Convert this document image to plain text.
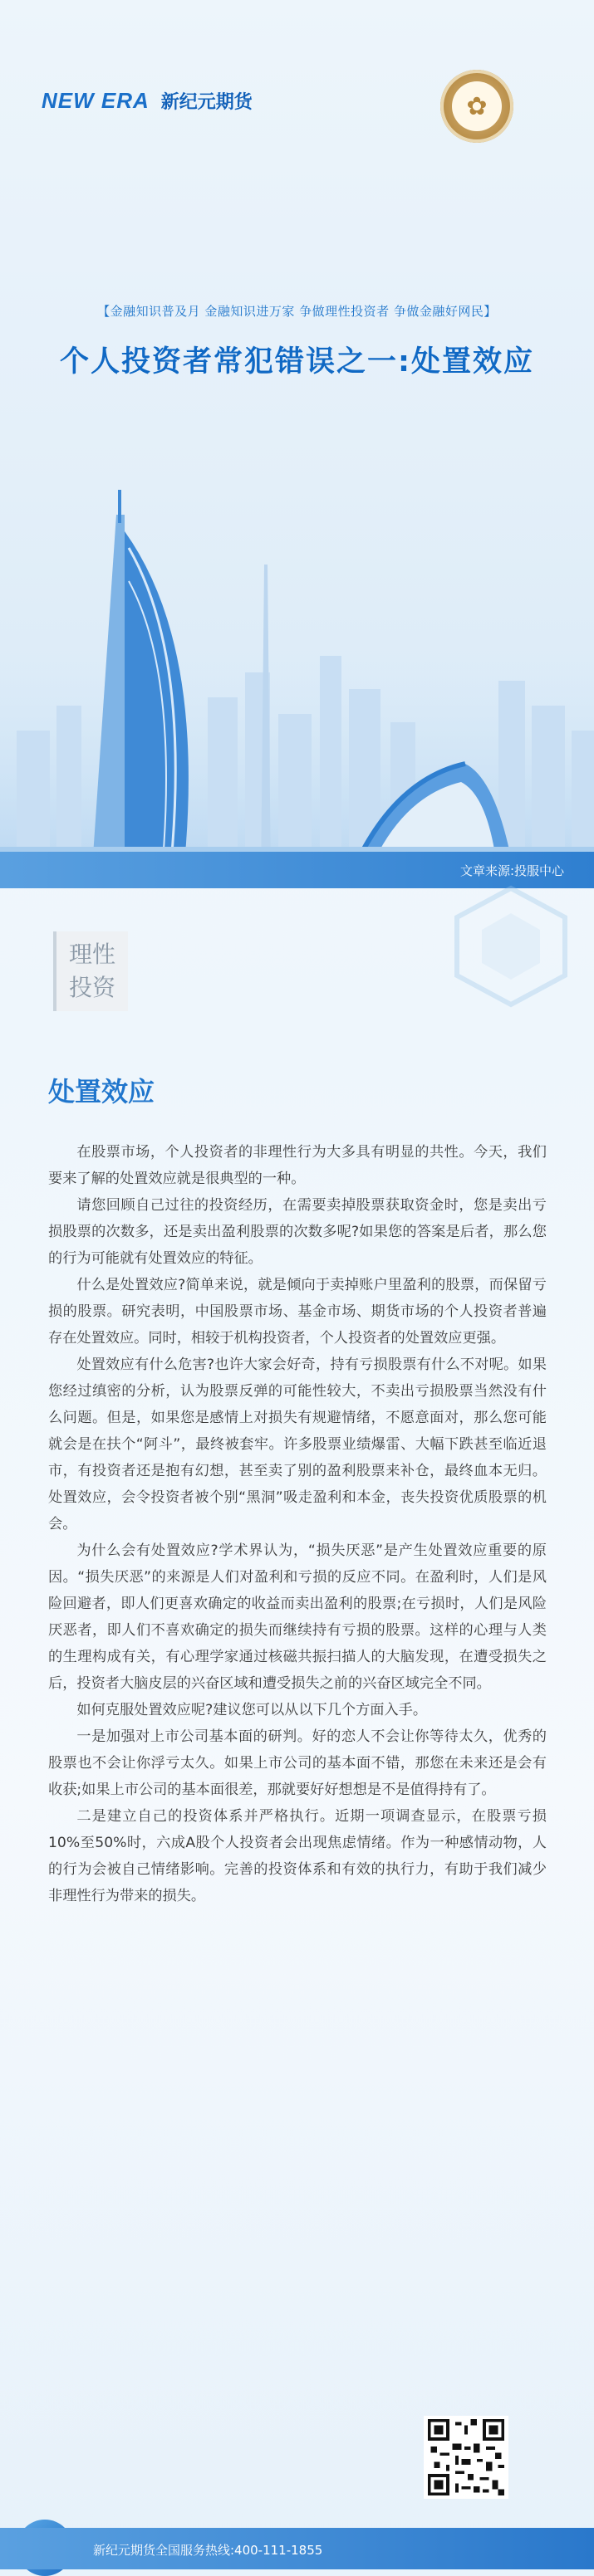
NEW ERA 新纪元期货	✿
【金融知识普及月 金融知识进万家 争做理性投资者 争做金融好网民】
个人投资者常犯错误之一:处置效应
文章来源:投服中心
理性
投资
处置效应

在股票市场，个人投资者的非理性行为大多具有明显的共性。今天，我们要来了解的处置效应就是很典型的一种。

请您回顾自己过往的投资经历，在需要卖掉股票获取资金时，您是卖出亏损股票的次数多，还是卖出盈利股票的次数多呢?如果您的答案是后者，那么您的行为可能就有处置效应的特征。

什么是处置效应?简单来说，就是倾向于卖掉账户里盈利的股票，而保留亏损的股票。研究表明，中国股票市场、基金市场、期货市场的个人投资者普遍存在处置效应。同时，相较于机构投资者，个人投资者的处置效应更强。

处置效应有什么危害?也许大家会好奇，持有亏损股票有什么不对呢。如果您经过缜密的分析，认为股票反弹的可能性较大，不卖出亏损股票当然没有什么问题。但是，如果您是感情上对损失有规避情绪，不愿意面对，那么您可能就会是在扶个“阿斗”，最终被套牢。许多股票业绩爆雷、大幅下跌甚至临近退市，有投资者还是抱有幻想，甚至卖了别的盈利股票来补仓，最终血本无归。处置效应，会令投资者被个别“黑洞”吸走盈利和本金，丧失投资优质股票的机会。

为什么会有处置效应?学术界认为，“损失厌恶”是产生处置效应重要的原因。“损失厌恶”的来源是人们对盈利和亏损的反应不同。在盈利时，人们是风险回避者，即人们更喜欢确定的收益而卖出盈利的股票;在亏损时，人们是风险厌恶者，即人们不喜欢确定的损失而继续持有亏损的股票。这样的心理与人类的生理构成有关，有心理学家通过核磁共振扫描人的大脑发现，在遭受损失之后，投资者大脑皮层的兴奋区域和遭受损失之前的兴奋区域完全不同。

如何克服处置效应呢?建议您可以从以下几个方面入手。

一是加强对上市公司基本面的研判。好的恋人不会让你等待太久，优秀的股票也不会让你浮亏太久。如果上市公司的基本面不错，那您在未来还是会有收获;如果上市公司的基本面很差，那就要好好想想是不是值得持有了。

二是建立自己的投资体系并严格执行。近期一项调查显示，在股票亏损10%至50%时，六成A股个人投资者会出现焦虑情绪。作为一种感情动物，人的行为会被自己情绪影响。完善的投资体系和有效的执行力，有助于我们减少非理性行为带来的损失。

新纪元期货全国服务热线:400-111-1855
